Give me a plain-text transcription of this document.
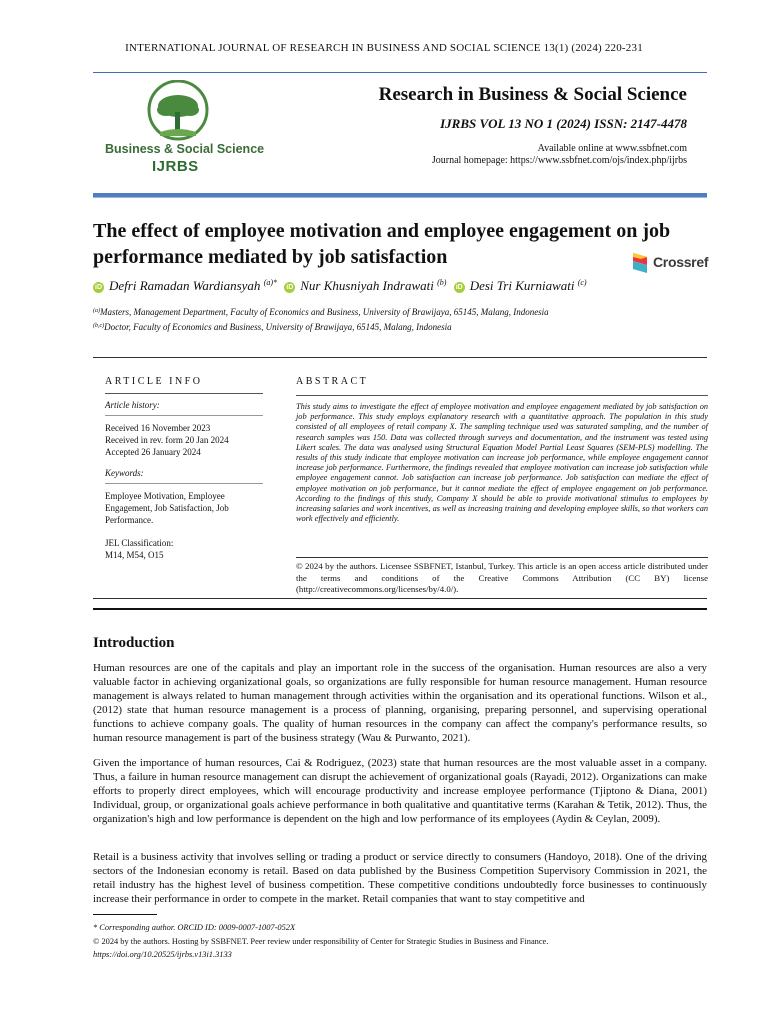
INTERNATIONAL JOURNAL OF RESEARCH IN BUSINESS AND SOCIAL SCIENCE 13(1) (2024) 220-231
Business & Social Science
IJRBS
Research in Business & Social Science
IJRBS VOL 13 NO 1 (2024) ISSN: 2147-4478
Available online at www.ssbfnet.com
Journal homepage: https://www.ssbfnet.com/ojs/index.php/ijrbs
The effect of employee motivation and employee engagement on job performance mediated by job satisfaction	Crossref
iD Defri Ramadan Wardiansyah $^{(a)*}$ iD Nur Khusniyah Indrawati $^{(b)}$ iD Desi Tri Kurniawati $^{(c)}$
$^{(a)}$Masters, Management Department, Faculty of Economics and Business, University of Brawijaya, 65145, Malang, Indonesia
$^{(b,c)}$Doctor, Faculty of Economics and Business, University of Brawijaya, 65145, Malang, Indonesia
ARTICLE INFO
Article history:
Received 16 November 2023
Received in rev. form 20 Jan 2024
Accepted 26 January 2024
Keywords:
Employee Motivation, Employee Engagement, Job Satisfaction, Job Performance.
JEL Classification:
M14, M54, O15
ABSTRACT
This study aims to investigate the effect of employee motivation and employee engagement mediated by job satisfaction on job performance. This study employs explanatory research with a quantitative approach. The population in this study consisted of all employees of retail company X. The sampling technique used was saturated sampling, and the number of research samples was 150. Data was collected through surveys and documentation, and the instrument was tested using Likert scales. The data was analysed using Structural Equation Model Partial Least Squares (SEM-PLS) modelling. The results of this study indicate that employee motivation can increase job performance, while employee engagement cannot increase job performance. Furthermore, the findings revealed that employee motivation can increase job satisfaction while employee engagement cannot. Job satisfaction can increase job performance. Job satisfaction can mediate the effect of employee motivation on job performance, but it cannot mediate the effect of employee engagement on job performance. According to the findings of this study, Company X should be able to provide motivational stimulus to employees by increasing salaries and work incentives, as well as increasing training and developing employee skills, so that workers can work effectively and efficiently.
© 2024 by the authors. Licensee SSBFNET, Istanbul, Turkey. This article is an open access article distributed under the terms and conditions of the Creative Commons Attribution (CC BY) license (http://creativecommons.org/licenses/by/4.0/).
Introduction
Human resources are one of the capitals and play an important role in the success of the organisation. Human resources are also a very valuable factor in achieving organizational goals, so organizations are fully responsible for human resource management. Human resource management is always related to human management through activities within the organisation and its operational functions. Wilson et al., (2012) state that human resource management is a process of planning, organising, preparing personnel, and supervising operational functions to achieve company goals. The quality of human resources in the company can affect the company's performance results, so human resource management is part of the business strategy (Wau & Purwanto, 2021).
Given the importance of human resources, Cai & Rodriguez, (2023) state that human resources are the most valuable asset in a company. Thus, a failure in human resource management can disrupt the achievement of organizational goals (Rayadi, 2012). Organizations can make efforts to properly direct employees, which will encourage productivity and increase employee performance (Tjiptono & Diana, 2001) Individual, group, or organizational goals achieve performance in both qualitative and quantitative terms (Karahan & Tetik, 2012). Thus, the organization's high and low performance is dependent on the high and low performance of its employees (Aydin & Ceylan, 2009).
Retail is a business activity that involves selling or trading a product or service directly to consumers (Handoyo, 2018). One of the driving sectors of the Indonesian economy is retail. Based on data published by the Business Competition Supervisory Commission in 2021, the retail industry has the highest level of business competition. These competitive conditions undoubtedly force businesses to continuously increase their performance in order to compete in the market. Retail companies that want to stay competitive and
* Corresponding author. ORCID ID: 0009-0007-1007-052X
© 2024 by the authors. Hosting by SSBFNET. Peer review under responsibility of Center for Strategic Studies in Business and Finance.
https://doi.org/10.20525/ijrbs.v13i1.3133
